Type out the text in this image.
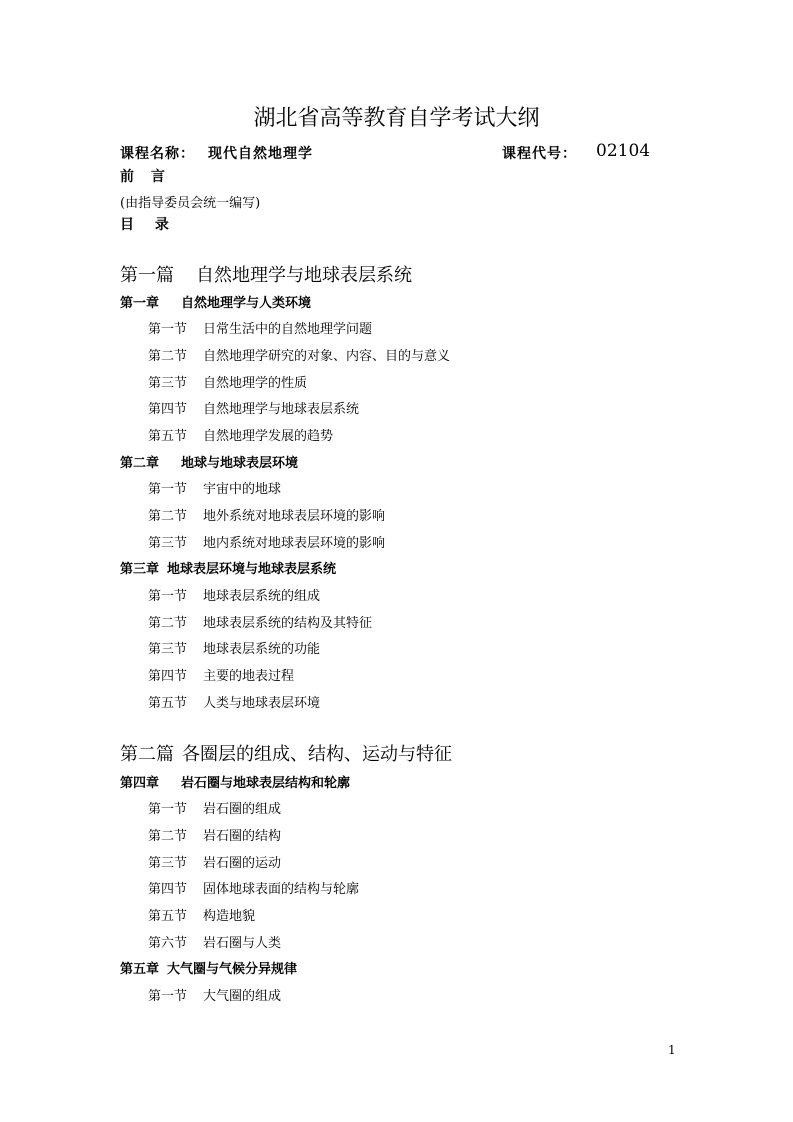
湖北省高等教育自学考试大纲
课程名称： 现代自然地理学	课程代号： 02104
前 言
(由指导委员会统一编写)
目 录
第一篇 自然地理学与地球表层系统
第一章 自然地理学与人类环境
第一节 日常生活中的自然地理学问题
第二节 自然地理学研究的对象、内容、目的与意义
第三节 自然地理学的性质
第四节 自然地理学与地球表层系统
第五节 自然地理学发展的趋势
第二章 地球与地球表层环境
第一节 宇宙中的地球
第二节 地外系统对地球表层环境的影响
第三节 地内系统对地球表层环境的影响
第三章 地球表层环境与地球表层系统
第一节 地球表层系统的组成
第二节 地球表层系统的结构及其特征
第三节 地球表层系统的功能
第四节 主要的地表过程
第五节 人类与地球表层环境
第二篇 各圈层的组成、结构、运动与特征
第四章 岩石圈与地球表层结构和轮廓
第一节 岩石圈的组成
第二节 岩石圈的结构
第三节 岩石圈的运动
第四节 固体地球表面的结构与轮廓
第五节 构造地貌
第六节 岩石圈与人类
第五章 大气圈与气候分异规律
第一节 大气圈的组成
1
